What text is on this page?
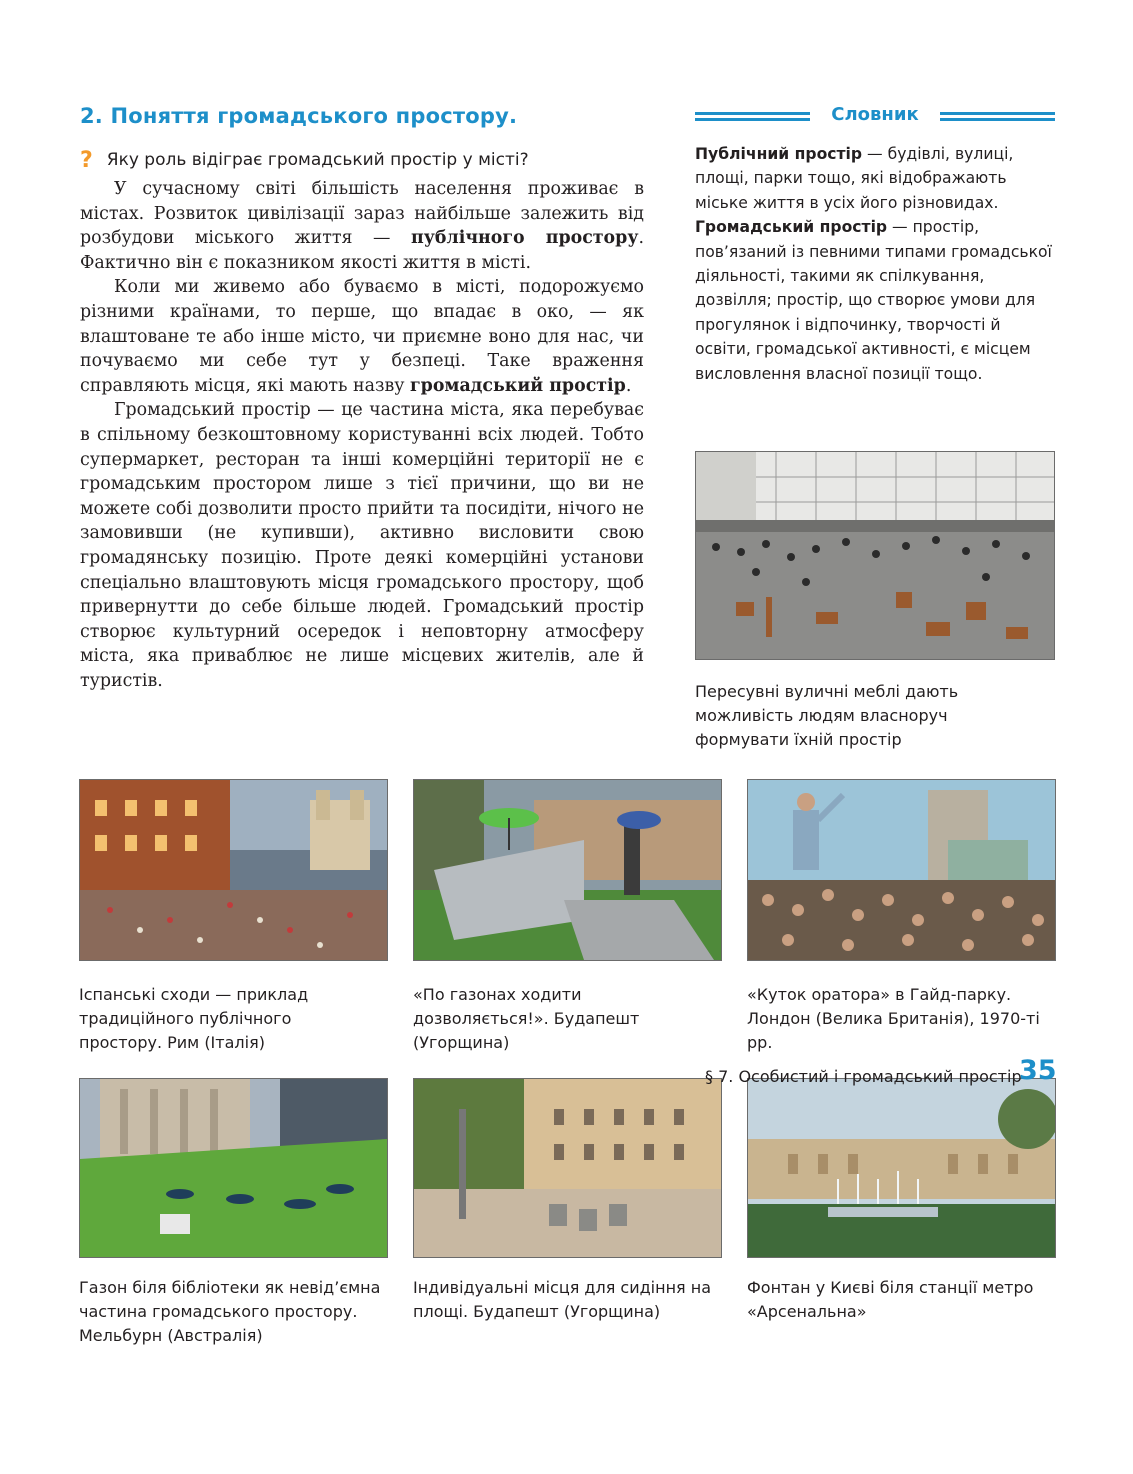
2. Поняття громадського простору.
? Яку роль відіграє громадський простір у місті?

У сучасному світі більшість населення проживає в містах. Розвиток цивілізації зараз найбільше залежить від розбудови міського життя — публічного простору. Фактично він є показником якості життя в місті.

Коли ми живемо або буваємо в місті, подорожуємо різними країнами, то перше, що впадає в око, — як влаштоване те або інше місто, чи приємне воно для нас, чи почуваємо ми себе тут у безпеці. Таке враження справляють місця, які мають назву громадський простір.

Громадський простір — це частина міста, яка перебуває в спільному безкоштовному користуванні всіх людей. Тобто супермаркет, ресторан та інші комерційні території не є громадським простором лише з тієї причини, що ви не можете собі дозволити просто прийти та посидіти, нічого не замовивши (не купивши), активно висловити свою громадянську позицію. Проте деякі комерційні установи спеціально влаштовують місця громадського простору, щоб привернутти до себе більше людей. Громадський простір створює культурний осередок і неповторну атмосферу міста, яка приваблює не лише місцевих жителів, але й туристів.

Словник

Публічний простір — будівлі, вулиці, площі, парки тощо, які відображають міське життя в усіх його різновидах.

Громадський простір — простір, пов’язаний із певними типами громадської діяльності, такими як спілкування, дозвілля; простір, що створює умови для прогулянок і відпочинку, творчості й освіти, громадської активності, є місцем висловлення власної позиції тощо.

Пересувні вуличні меблі дають можливість людям власноруч формувати їхній простір
Іспанські сходи — приклад традиційного публічного простору. Рим (Італія)
«По газонах ходити дозволяється!». Будапешт (Угорщина)
«Куток оратора» в Гайд-парку. Лондон (Велика Британія), 1970-ті рр.
Газон біля бібліотеки як невід’ємна частина громадського простору. Мельбурн (Австралія)
Індивідуальні місця для сидіння на площі. Будапешт (Угорщина)
Фонтан у Києві біля станції метро «Арсенальна»
§ 7. Особистий і громадський простір
35
